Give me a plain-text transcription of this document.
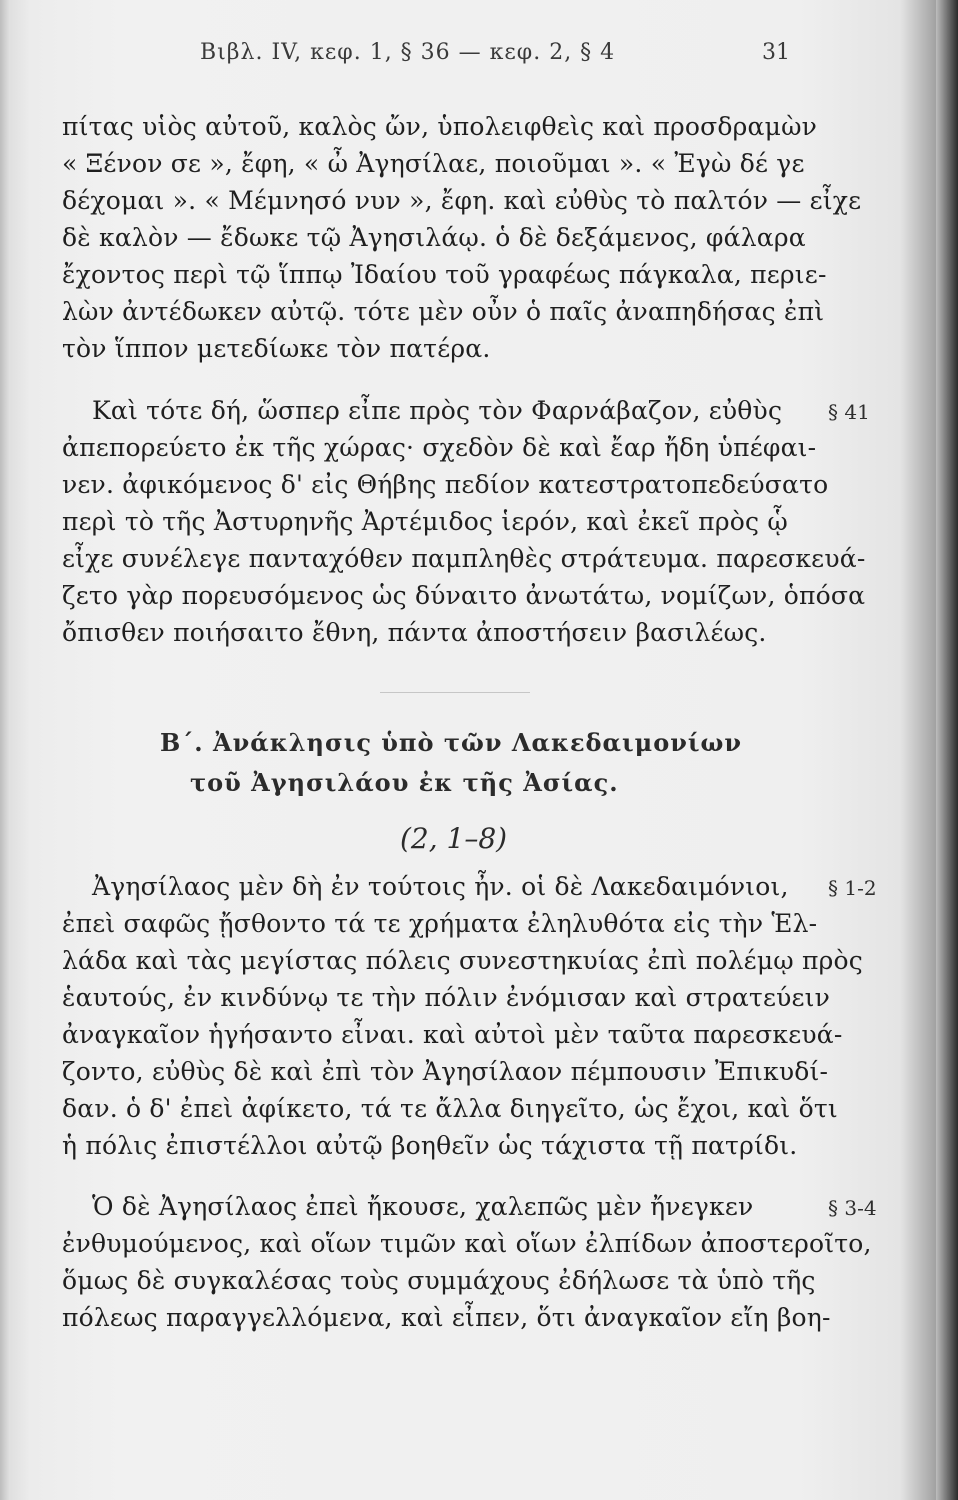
Βιβλ. IV, κεφ. 1, § 36 — κεφ. 2, § 4	31
πίτας υἱὸς αὐτοῦ, καλὸς ὤν, ὑπολειφθεὶς καὶ προσδραμὼν
« Ξένον σε », ἔφη, « ὦ Ἀγησίλαε, ποιοῦμαι ». « Ἐγὼ δέ γε
δέχομαι ». « Μέμνησό νυν », ἔφη. καὶ εὐθὺς τὸ παλτόν — εἶχε
δὲ καλὸν — ἔδωκε τῷ Ἀγησιλάῳ. ὁ δὲ δεξάμενος, φάλαρα
ἔχοντος περὶ τῷ ἵππῳ Ἰδαίου τοῦ γραφέως πάγκαλα, περιε-
λὼν ἀντέδωκεν αὐτῷ. τότε μὲν οὖν ὁ παῖς ἀναπηδήσας ἐπὶ
τὸν ἵππον μετεδίωκε τὸν πατέρα.
Καὶ τότε δή, ὥσπερ εἶπε πρὸς τὸν Φαρνάβαζον, εὐθὺς	§ 41
ἀπεπορεύετο ἐκ τῆς χώρας· σχεδὸν δὲ καὶ ἔαρ ἤδη ὑπέφαι-
νεν. ἀφικόμενος δ' εἰς Θήβης πεδίον κατεστρατοπεδεύσατο
περὶ τὸ τῆς Ἀστυρηνῆς Ἀρτέμιδος ἱερόν, καὶ ἐκεῖ πρὸς ᾧ
εἶχε συνέλεγε πανταχόθεν παμπληθὲς στράτευμα. παρεσκευά-
ζετο γὰρ πορευσόμενος ὡς δύναιτο ἀνωτάτω, νομίζων, ὁπόσα
ὄπισθεν ποιήσαιτο ἔθνη, πάντα ἀποστήσειν βασιλέως.
Β΄. Ἀνάκλησις ὑπὸ τῶν Λακεδαιμονίων
τοῦ Ἀγησιλάου ἐκ τῆς Ἀσίας.
(2, 1–8)
Ἀγησίλαος μὲν δὴ ἐν τούτοις ἦν. οἱ δὲ Λακεδαιμόνιοι,	§ 1-2
ἐπεὶ σαφῶς ᾔσθοντο τά τε χρήματα ἐληλυθότα εἰς τὴν Ἑλ-
λάδα καὶ τὰς μεγίστας πόλεις συνεστηκυίας ἐπὶ πολέμῳ πρὸς
ἑαυτούς, ἐν κινδύνῳ τε τὴν πόλιν ἐνόμισαν καὶ στρατεύειν
ἀναγκαῖον ἡγήσαντο εἶναι. καὶ αὐτοὶ μὲν ταῦτα παρεσκευά-
ζοντο, εὐθὺς δὲ καὶ ἐπὶ τὸν Ἀγησίλαον πέμπουσιν Ἐπικυδί-
δαν. ὁ δ' ἐπεὶ ἀφίκετο, τά τε ἄλλα διηγεῖτο, ὡς ἔχοι, καὶ ὅτι
ἡ πόλις ἐπιστέλλοι αὐτῷ βοηθεῖν ὡς τάχιστα τῇ πατρίδι.
Ὁ δὲ Ἀγησίλαος ἐπεὶ ἤκουσε, χαλεπῶς μὲν ἤνεγκεν	§ 3-4
ἐνθυμούμενος, καὶ οἵων τιμῶν καὶ οἵων ἐλπίδων ἀποστεροῖτο,
ὅμως δὲ συγκαλέσας τοὺς συμμάχους ἐδήλωσε τὰ ὑπὸ τῆς
πόλεως παραγγελλόμενα, καὶ εἶπεν, ὅτι ἀναγκαῖον εἴη βοη-
